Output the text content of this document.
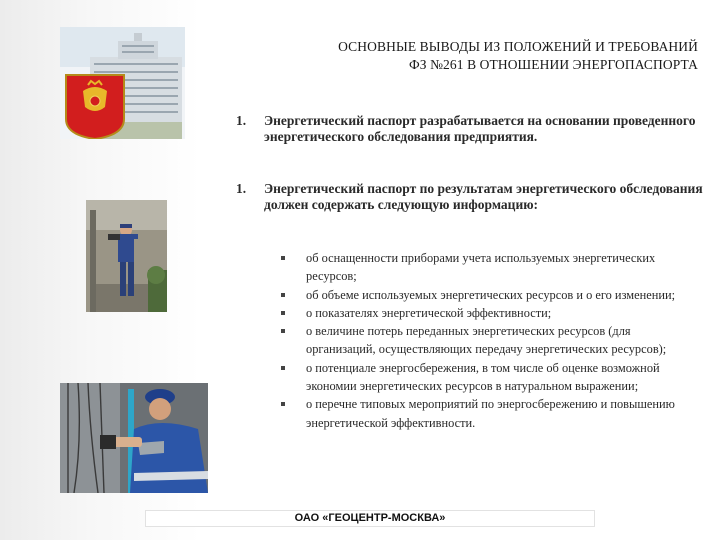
ОСНОВНЫЕ ВЫВОДЫ ИЗ ПОЛОЖЕНИЙ И ТРЕБОВАНИЙ
ФЗ №261 В ОТНОШЕНИИ ЭНЕРГОПАСПОРТА
1. Энергетический паспорт разрабатывается на основании проведенного энергетического обследования предприятия.
1. Энергетический паспорт по результатам энергетического обследования должен содержать следующую информацию:
об оснащенности приборами учета используемых энергетических ресурсов;
об объеме используемых энергетических ресурсов и о его изменении;
о показателях энергетической эффективности;
о величине потерь переданных энергетических ресурсов (для организаций, осуществляющих передачу энергетических ресурсов);
о потенциале энергосбережения, в том числе об оценке возможной экономии энергетических ресурсов в натуральном выражении;
о перечне типовых мероприятий по энергосбережению и повышению энергетической эффективности.
ОАО «ГЕОЦЕНТР-МОСКВА»
